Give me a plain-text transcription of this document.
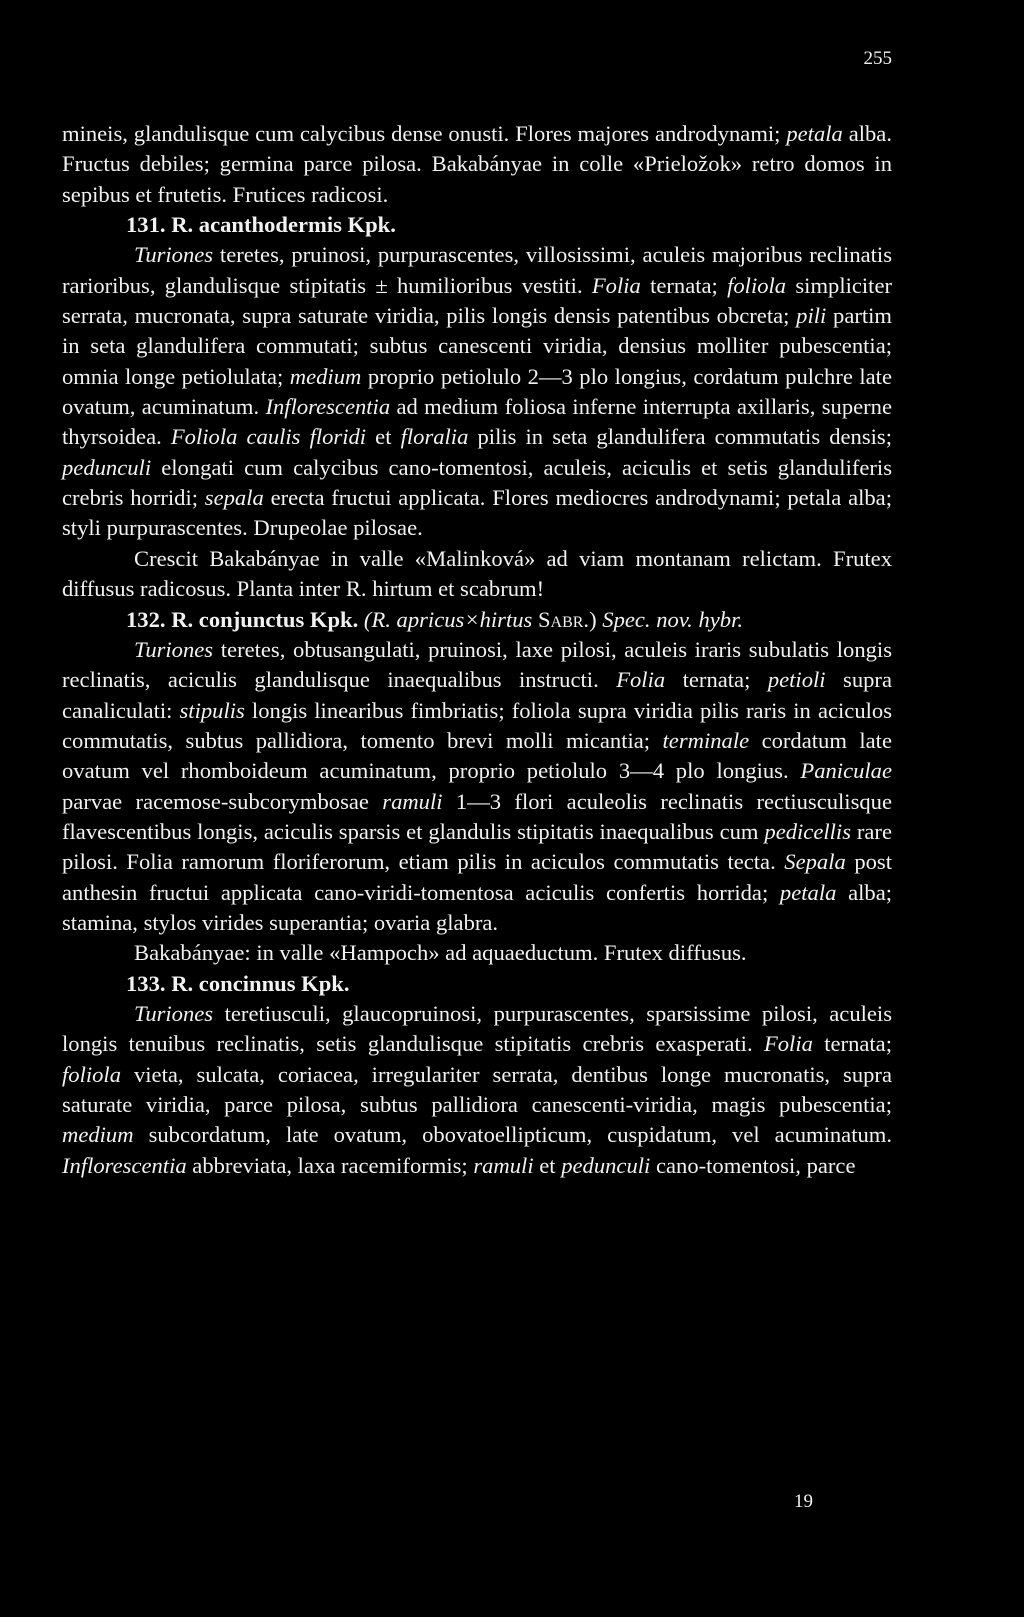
255

mineis, glandulisque cum calycibus dense onusti. Flores majores androdynami; petala alba. Fructus debiles; germina parce pilosa. Bakabányae in colle «Prieložok» retro domos in sepibus et frutetis. Frutices radicosi.

131. R. acanthodermis Kpk.

Turiones teretes, pruinosi, purpurascentes, villosissimi, aculeis majoribus reclinatis rarioribus, glandulisque stipitatis ± humilioribus vestiti. Folia ternata; foliola simpliciter serrata, mucronata, supra saturate viridia, pilis longis densis patentibus obcreta; pili partim in seta glandulifera commutati; subtus canescenti viridia, densius molliter pubescentia; omnia longe petiolulata; medium proprio petiolulo 2—3 plo longius, cordatum pulchre late ovatum, acuminatum. Inflorescentia ad medium foliosa inferne interrupta axillaris, superne thyrsoidea. Foliola caulis floridi et floralia pilis in seta glandulifera commutatis densis; pedunculi elongati cum calycibus cano-tomentosi, aculeis, aciculis et setis glanduliferis crebris horridi; sepala erecta fructui applicata. Flores mediocres androdynami; petala alba; styli purpurascentes. Drupeolae pilosae.

Crescit Bakabányae in valle «Malinková» ad viam montanam relictam. Frutex diffusus radicosus. Planta inter R. hirtum et scabrum!

132. R. conjunctus Kpk. (R. apricus×hirtus Sabr.) Spec. nov. hybr.

Turiones teretes, obtusangulati, pruinosi, laxe pilosi, aculeis iraris subulatis longis reclinatis, aciculis glandulisque inaequalibus instructi. Folia ternata; petioli supra canaliculati: stipulis longis linearibus fimbriatis; foliola supra viridia pilis raris in aciculos commutatis, subtus pallidiora, tomento brevi molli micantia; terminale cordatum late ovatum vel rhomboideum acuminatum, proprio petiolulo 3—4 plo longius. Paniculae parvae racemose-subcorymbosae ramuli 1—3 flori aculeolis reclinatis rectiusculisque flavescentibus longis, aciculis sparsis et glandulis stipitatis inaequalibus cum pedicellis rare pilosi. Folia ramorum floriferorum, etiam pilis in aciculos commutatis tecta. Sepala post anthesin fructui applicata cano-viridi-tomentosa aciculis confertis horrida; petala alba; stamina, stylos virides superantia; ovaria glabra.

Bakabányae: in valle «Hampoch» ad aquaeductum. Frutex diffusus.

133. R. concinnus Kpk.

Turiones teretiusculi, glaucopruinosi, purpurascentes, sparsissime pilosi, aculeis longis tenuibus reclinatis, setis glandulisque stipitatis crebris exasperati. Folia ternata; foliola vieta, sulcata, coriacea, irregulariter serrata, dentibus longe mucronatis, supra saturate viridia, parce pilosa, subtus pallidiora canescenti-viridia, magis pubescentia; medium subcordatum, late ovatum, obovatoellipticum, cuspidatum, vel acuminatum. Inflorescentia abbreviata, laxa racemiformis; ramuli et pedunculi cano-tomentosi, parce

19
